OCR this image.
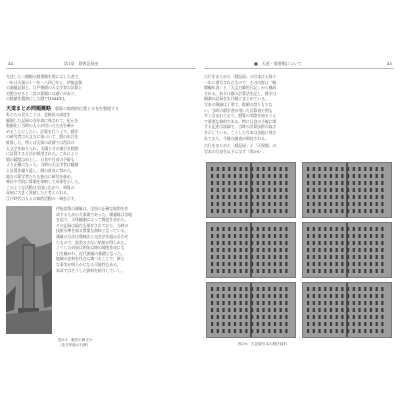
44	第1章　暦術記録史
先述した二種類の暦書類を図に示した表で、
一年は天保の十一年一八四〇年と、伊能忠敬
の測量記録と、江戸後期の天文学者の計算と
対照させると二宮の算額には違いがあり、
の数値を精密にした暦で[1844年]。
天道まとめ問題概略　暦算の地理的位置と分布を整理する
私たちの見ることは、北極星の高度を
観測した記録の各年表に残されて、紀元を
数値化し当時の人々が用いた方法を確か
めることにしたい。計算を行う上で、暦法
の研究者は天文方に基づいて、暦の年月を
推算した。例えば天保の改暦では西洋の
天文学を取り入れ、太陽と月の運行を精密
に計算する方法が採用された。これにより
暦の精度は向上し、日食や月食の予報も
より正確になった。当時の天文学者は観測
と計算を繰り返し、暦の改良に努めた。
地方の算学者たちも独自に研究を進め、
神社や寺院に算額を奉納して成果を示した。
このような活動は全国に広がり、和算の
発展に大きく貢献したと考えられる。
江戸時代の人々の知的活動の一端を示す。
伊能忠敬の測量は、全国の正確な地図を作
成するための大事業であった。測量隊は各地
を巡り、天体観測によって緯度を求めた。
その記録は現在も保存されており、当時の
技術水準を知る貴重な資料となっている。
測量の方法は導線法と交会法を組み合わせ
たもので、誤差の少ない結果が得られた。
こうした成果は明治以降の地図作成にも
引き継がれ、近代測量の基礎となった。
地域の史料を丹念に調べることで、新た
な事実が明らかになる可能性もある。
本章ではそうした資料を紹介していく。
図3-5　暦法の碑文や
（北方伊能の石碑）
■　天道・暦書類について	45
古行をまとめた「暦記録」の写本は天保十
一年に書写されたもので、その内容は「略
暦編年表」と「天文方御用日記」から構成
される。前半は暦の計算法を記し、後半は
観測の記録を年月順にまとめている。
写本の筆跡は丁寧で、数値の誤りも少な
い。当時の暦学者が用いた計算表や図も
多く含まれており、暦算の実際を知るうえ
で重要な資料である。特に日食の予報に関
する記述は詳細で、当時の計算技術の高さ
を示している。こうした写本は各地に残さ
れており、今後の調査が期待される。
古行をまとめた「暦記録」と「天保暦」の
写本の写真を以下に示す（図3-6）。
図3-6　古記録写本の暦法資料
